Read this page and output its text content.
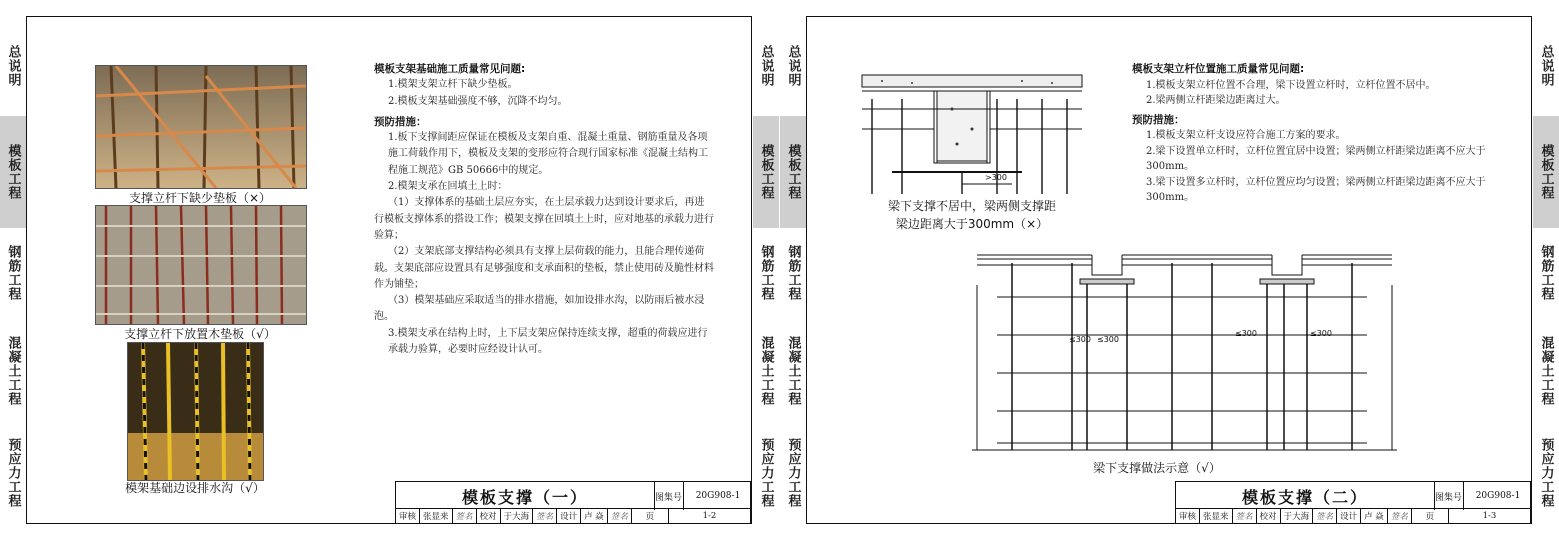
总说明
模板工程
钢筋工程
混凝土工程
预应力工程
总说明
模板工程
钢筋工程
混凝土工程
预应力工程
总说明
模板工程
钢筋工程
混凝土工程
预应力工程
总说明
模板工程
钢筋工程
混凝土工程
预应力工程
支撑立杆下缺少垫板（×）
支撑立杆下放置木垫板（√）
模架基础边设排水沟（√）
模板支架基础施工质量常见问题:
1.模架支架立杆下缺少垫板。
2.模板支架基础强度不够，沉降不均匀。
预防措施：
1.板下支撑间距应保证在模板及支架自重、混凝土重量、钢筋重量及各项施工荷载作用下，模板及支架的变形应符合现行国家标准《混凝土结构工程施工规范》GB 50666中的规定。
2.模架支承在回填土上时：
（1）支撑体系的基础土层应夯实，在土层承载力达到设计要求后，再进行模板支撑体系的搭设工作；模架支撑在回填土上时，应对地基的承载力进行验算；
（2）支架底部支撑结构必须具有支撑上层荷载的能力，且能合理传递荷载。支架底部应设置具有足够强度和支承面积的垫板，禁止使用砖及脆性材料作为铺垫；
（3）模架基础应采取适当的排水措施，如加设排水沟，以防雨后被水浸泡。
3.模架支承在结构上时，上下层支架应保持连续支撑，超重的荷载应进行承载力验算，必要时应经设计认可。
模板支撑（一）	图集号	20G908-1
审核 张显来 签名 校对 于大海 签名 设计 卢 焱 签名	页	1-2
>300
梁下支撑不居中，梁两侧支撑距
梁边距离大于300mm（×）
模板支架立杆位置施工质量常见问题:
1.模板支架立杆位置不合理，梁下设置立杆时，立杆位置不居中。
2.梁两侧立杆距梁边距离过大。
预防措施：
1.模板支架立杆支设应符合施工方案的要求。
2.梁下设置单立杆时，立杆位置宜居中设置；梁两侧立杆距梁边距离不应大于300mm。
3.梁下设置多立杆时，立杆位置应均匀设置；梁两侧立杆距梁边距离不应大于300mm。
≤300 ≤300
≤300	≤300
梁下支撑做法示意（√）
模板支撑（二）	图集号	20G908-1
审核 张显来 签名 校对 于大海 签名 设计 卢 焱 签名	页	1-3
